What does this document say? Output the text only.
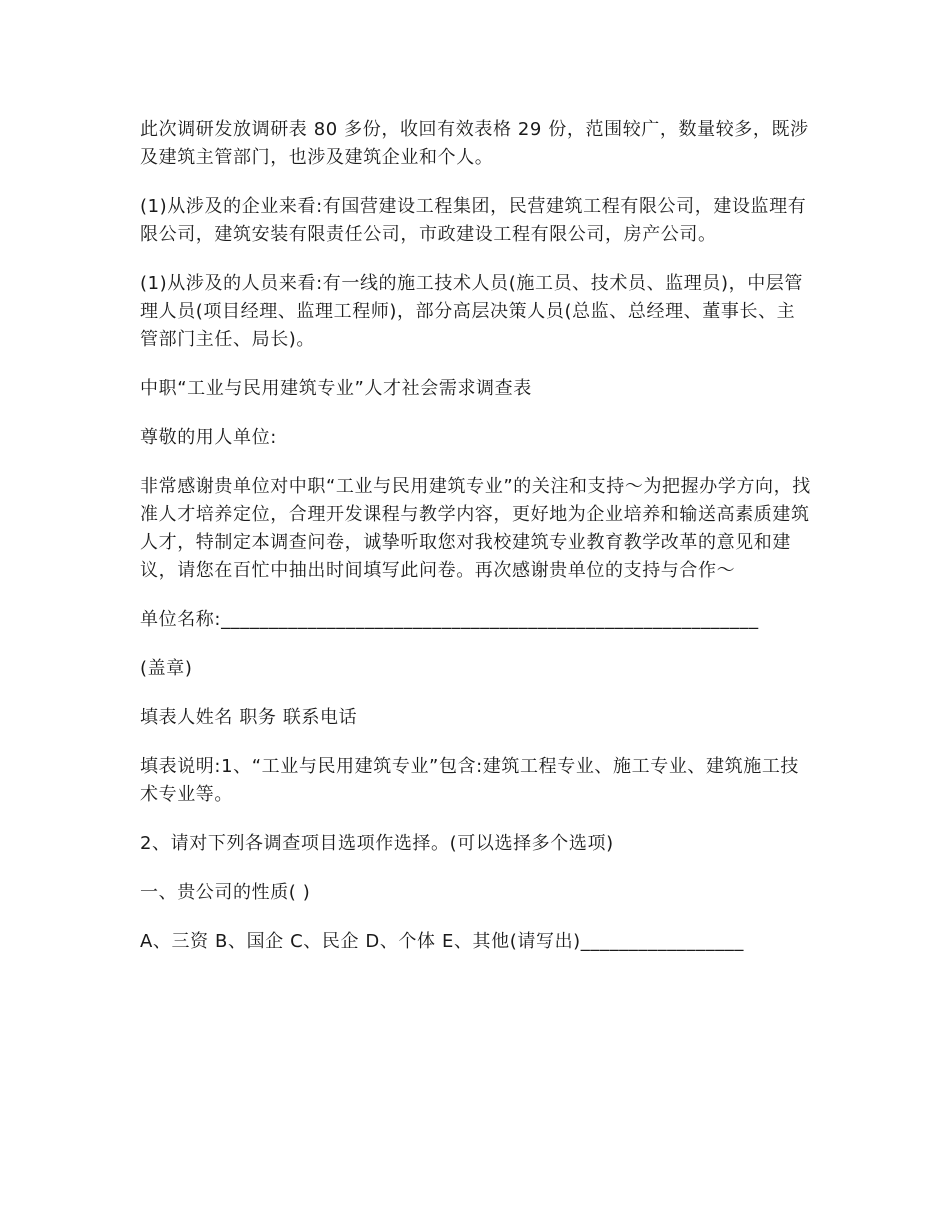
此次调研发放调研表 80 多份，收回有效表格 29 份，范围较广，数量较多，既涉及建筑主管部门，也涉及建筑企业和个人。

(1)从涉及的企业来看:有国营建设工程集团，民营建筑工程有限公司，建设监理有限公司，建筑安装有限责任公司，市政建设工程有限公司，房产公司。

(1)从涉及的人员来看:有一线的施工技术人员(施工员、技术员、监理员)，中层管理人员(项目经理、监理工程师)，部分高层决策人员(总监、总经理、董事长、主管部门主任、局长)。

中职“工业与民用建筑专业”人才社会需求调查表

尊敬的用人单位:

非常感谢贵单位对中职“工业与民用建筑专业”的关注和支持～为把握办学方向，找准人才培养定位，合理开发课程与教学内容，更好地为企业培养和输送高素质建筑人才，特制定本调查问卷，诚挚听取您对我校建筑专业教育教学改革的意见和建议，请您在百忙中抽出时间填写此问卷。再次感谢贵单位的支持与合作～

单位名称:________________________________________________________

(盖章)

填表人姓名 职务 联系电话

填表说明:1、“工业与民用建筑专业”包含:建筑工程专业、施工专业、建筑施工技术专业等。

2、请对下列各调查项目选项作选择。(可以选择多个选项)

一、贵公司的性质( )

A、三资 B、国企 C、民企 D、个体 E、其他(请写出)_________________
